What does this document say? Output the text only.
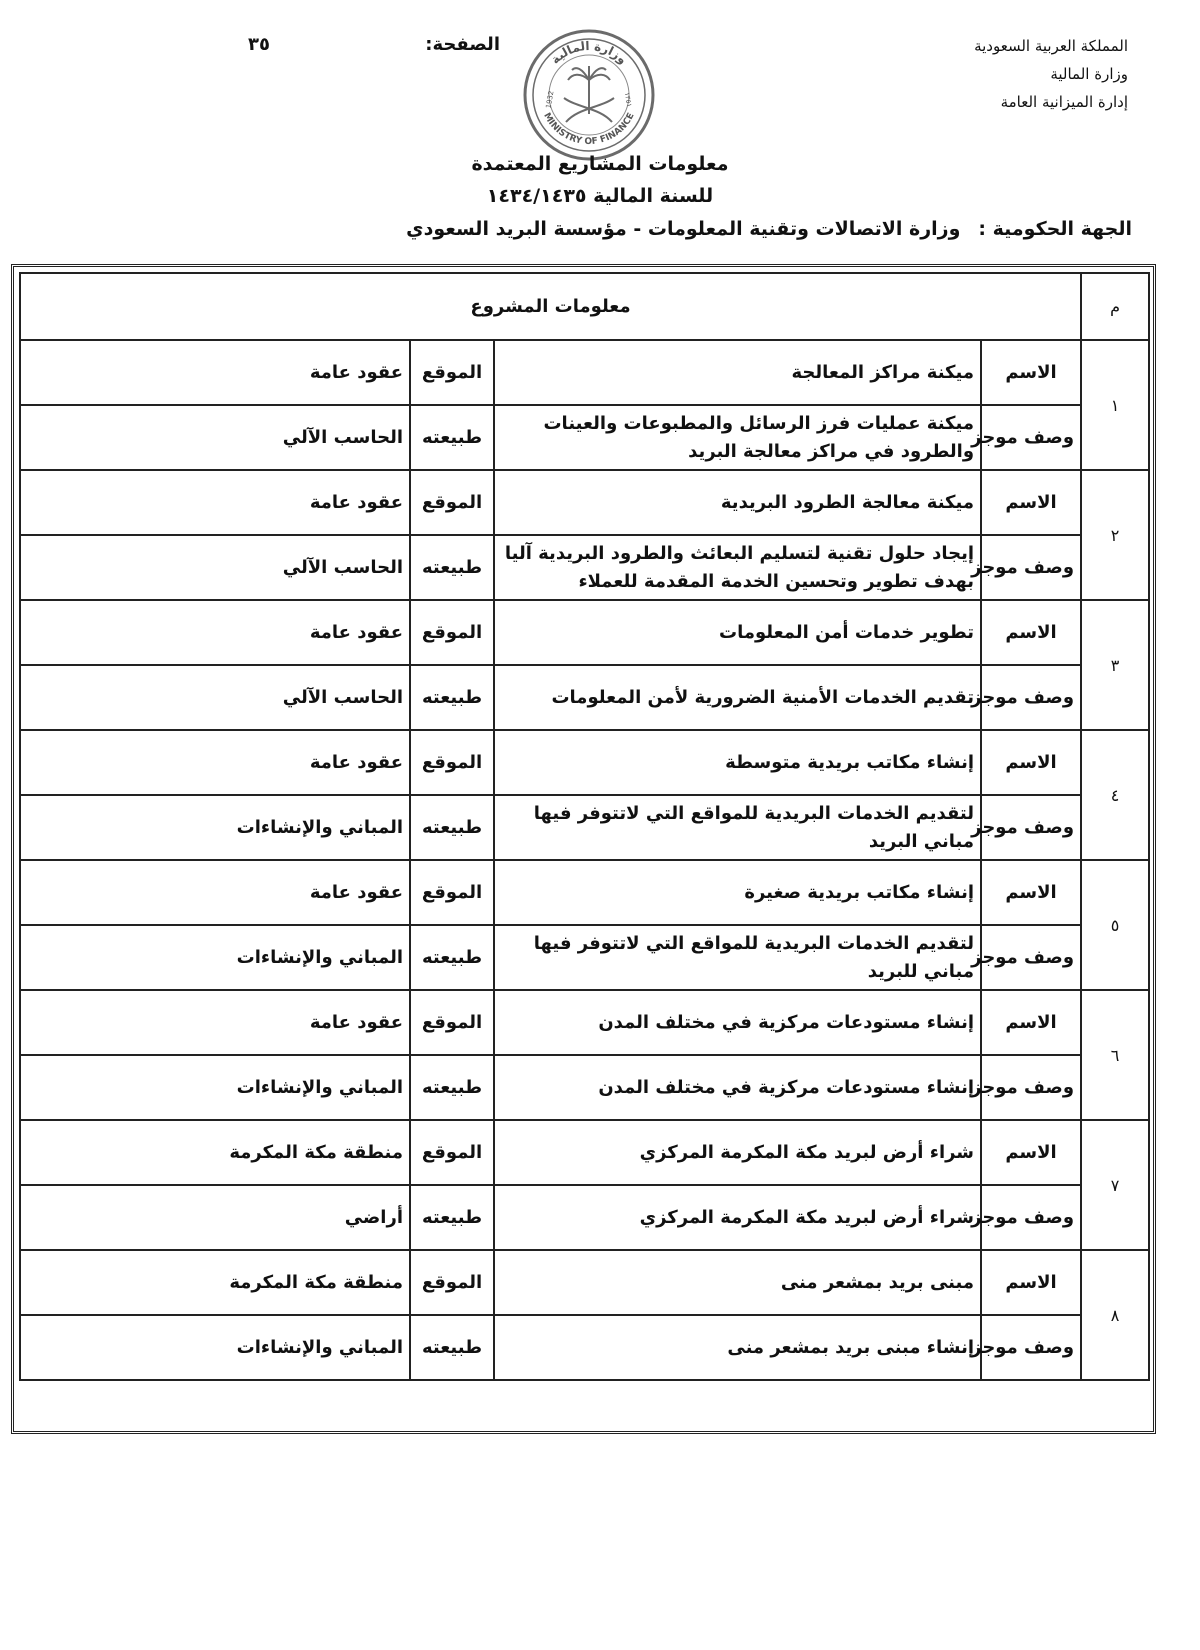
المملكة العربية السعودية
وزارة المالية
إدارة الميزانية العامة
الصفحة:
٣٥
وزارة المالية
MINISTRY OF FINANCE
1932	١٣٥١
معلومات المشاريع المعتمدة
للسنة المالية ١٤٣٤/١٤٣٥
الجهة الحكومية :وزارة الاتصالات وتقنية المعلومات - مؤسسة البريد السعودي
م	معلومات المشروع			
١	الاسم	ميكنة مراكز المعالجة	الموقع	عقود عامة
	وصف موجز	ميكنة عمليات فرز الرسائل والمطبوعات والعينات والطرود في مراكز معالجة البريد	طبيعته	الحاسب الآلي
٢	الاسم	ميكنة معالجة الطرود البريدية	الموقع	عقود عامة
	وصف موجز	إيجاد حلول تقنية لتسليم البعائث والطرود البريدية آليا بهدف تطوير وتحسين الخدمة المقدمة للعملاء	طبيعته	الحاسب الآلي
٣	الاسم	تطوير خدمات أمن المعلومات	الموقع	عقود عامة
	وصف موجز	تقديم الخدمات الأمنية الضرورية لأمن المعلومات	طبيعته	الحاسب الآلي
٤	الاسم	إنشاء مكاتب بريدية متوسطة	الموقع	عقود عامة
	وصف موجز	لتقديم الخدمات البريدية للمواقع التي لاتتوفر فيها مباني البريد	طبيعته	المباني والإنشاءات
٥	الاسم	إنشاء مكاتب بريدية صغيرة	الموقع	عقود عامة
	وصف موجز	لتقديم الخدمات البريدية للمواقع التي لاتتوفر فيها مباني للبريد	طبيعته	المباني والإنشاءات
٦	الاسم	إنشاء مستودعات مركزية في مختلف المدن	الموقع	عقود عامة
	وصف موجز	إنشاء مستودعات مركزية في مختلف المدن	طبيعته	المباني والإنشاءات
٧	الاسم	شراء أرض لبريد مكة المكرمة المركزي	الموقع	منطقة مكة المكرمة
	وصف موجز	شراء أرض لبريد مكة المكرمة المركزي	طبيعته	أراضي
٨	الاسم	مبنى بريد بمشعر منى	الموقع	منطقة مكة المكرمة
	وصف موجز	إنشاء مبنى بريد بمشعر منى	طبيعته	المباني والإنشاءات
